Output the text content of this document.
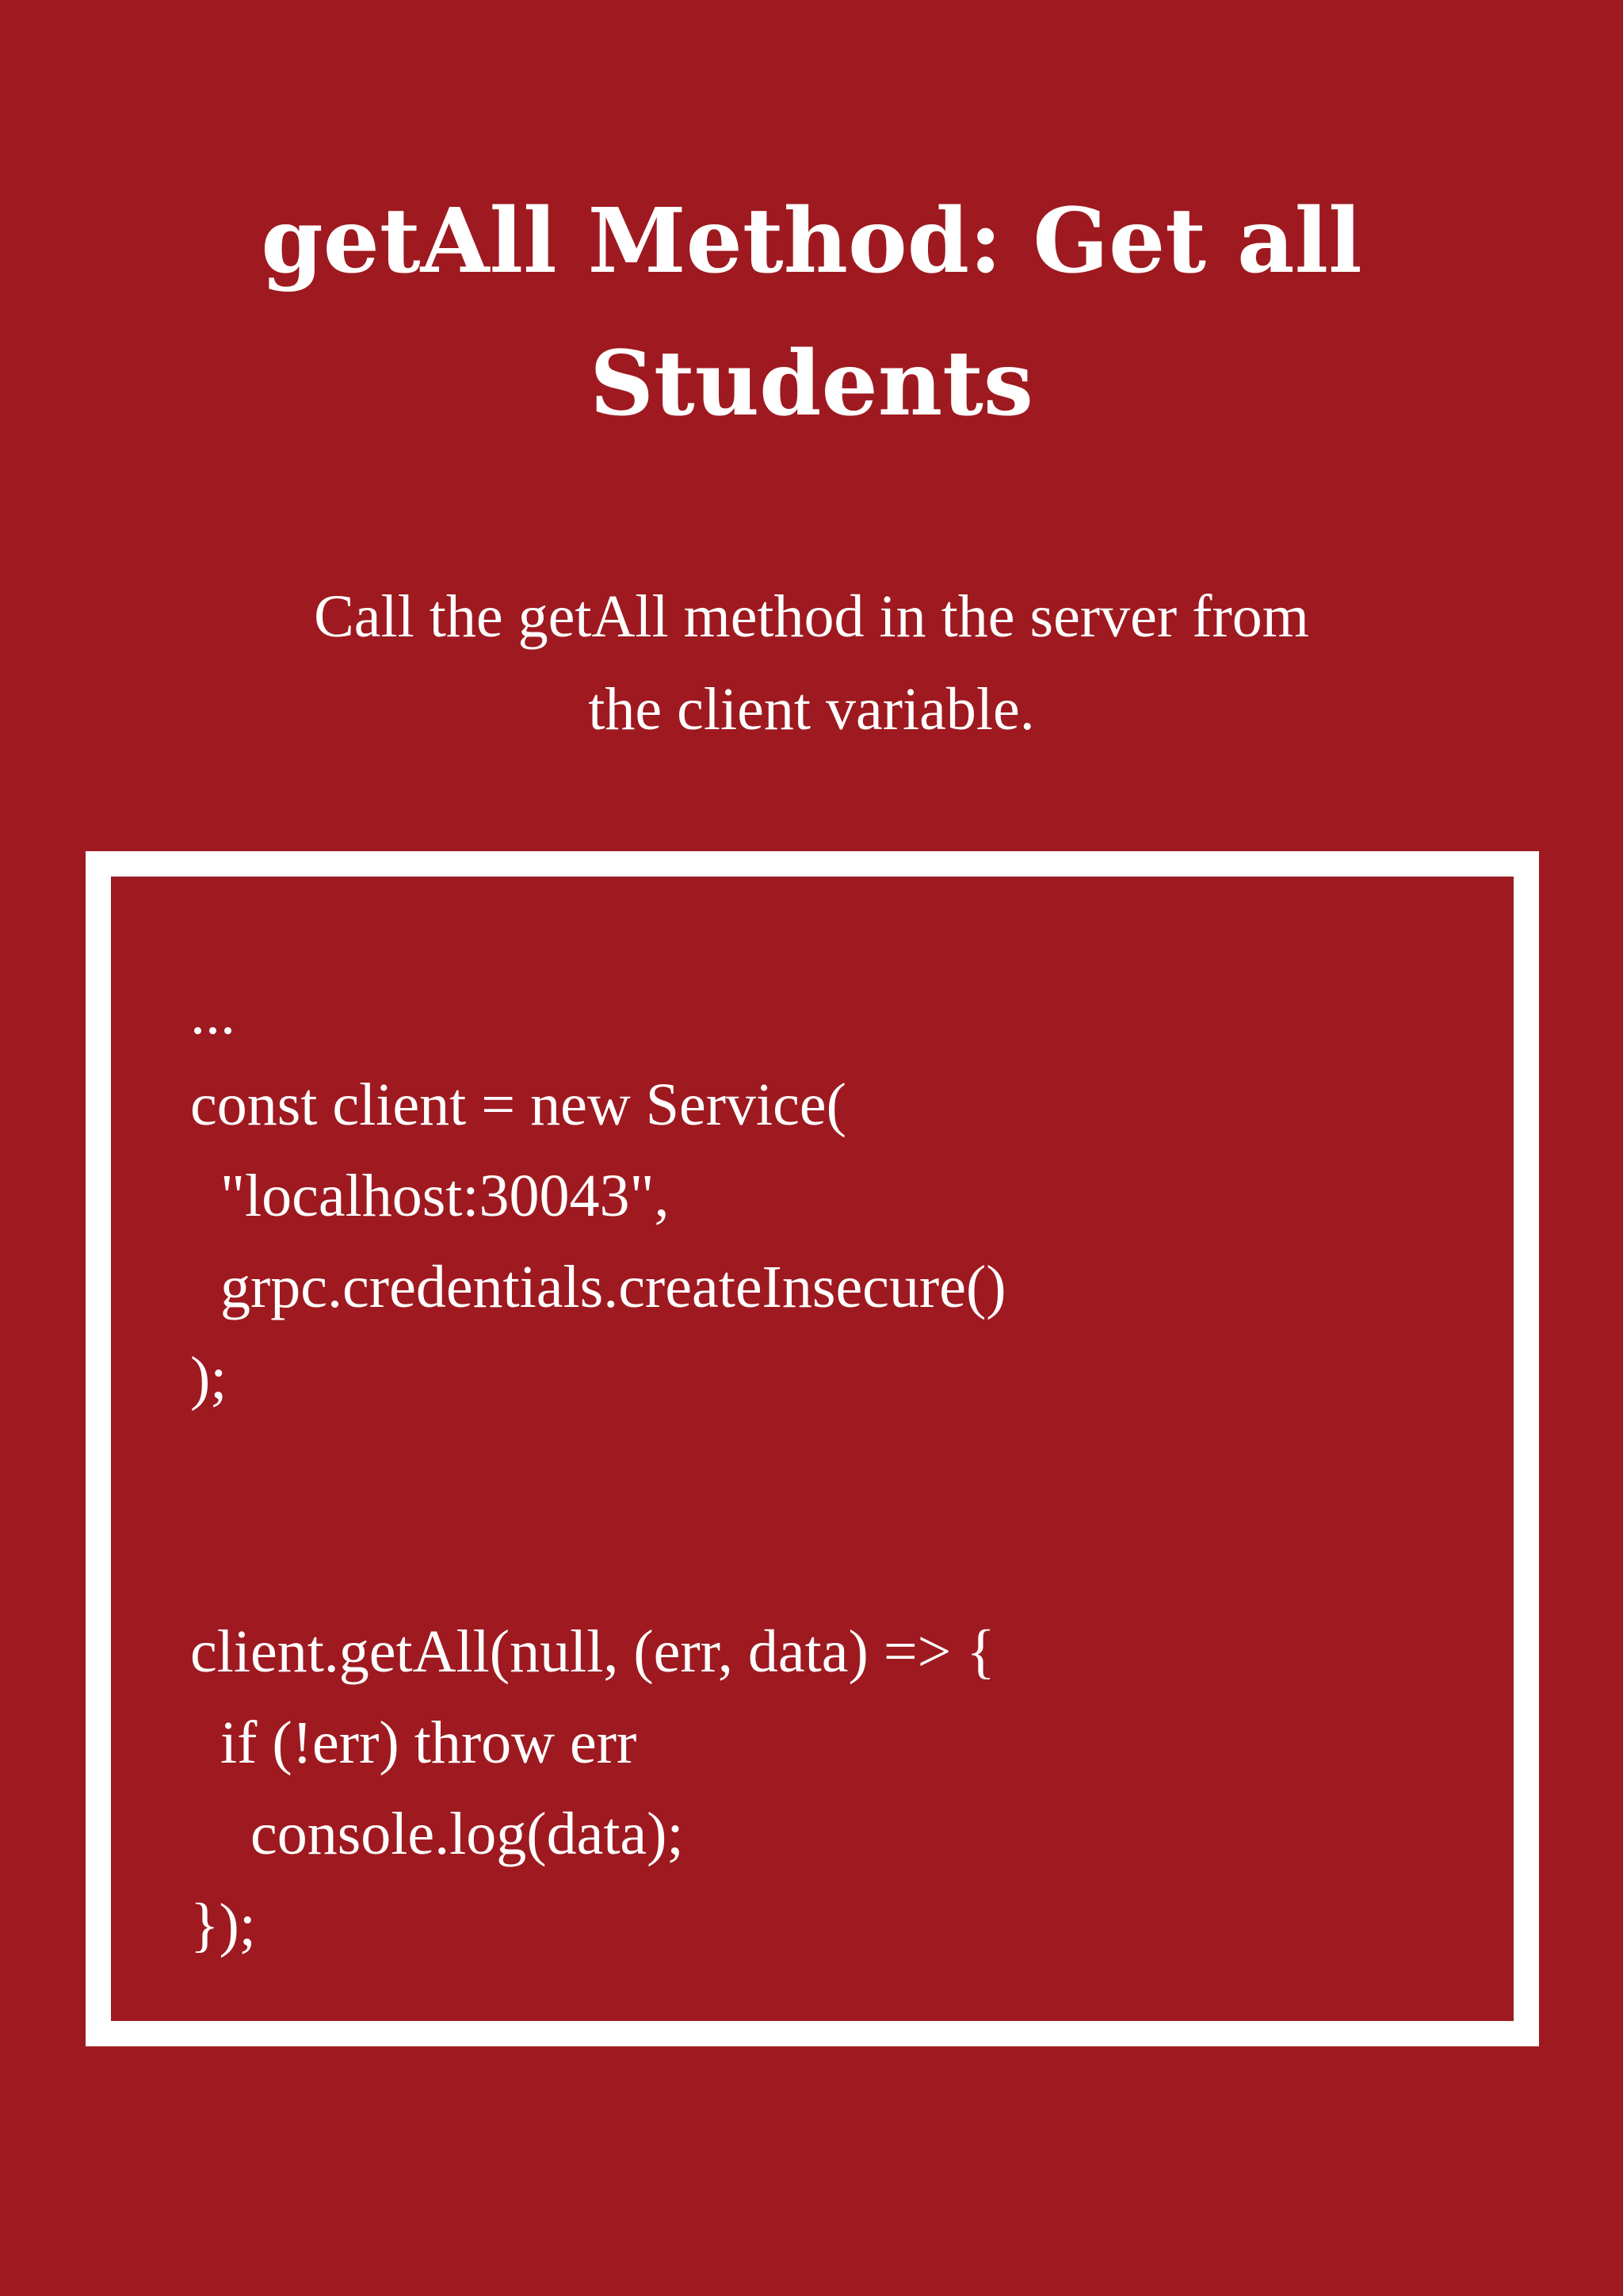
getAll Method: Get all
Students

Call the getAll method in the server from
the client variable.

...
const client = new Service(
"localhost:30043",
grpc.credentials.createInsecure()
);
client.getAll(null, (err, data) => {
if (!err) throw err
console.log(data);
});
